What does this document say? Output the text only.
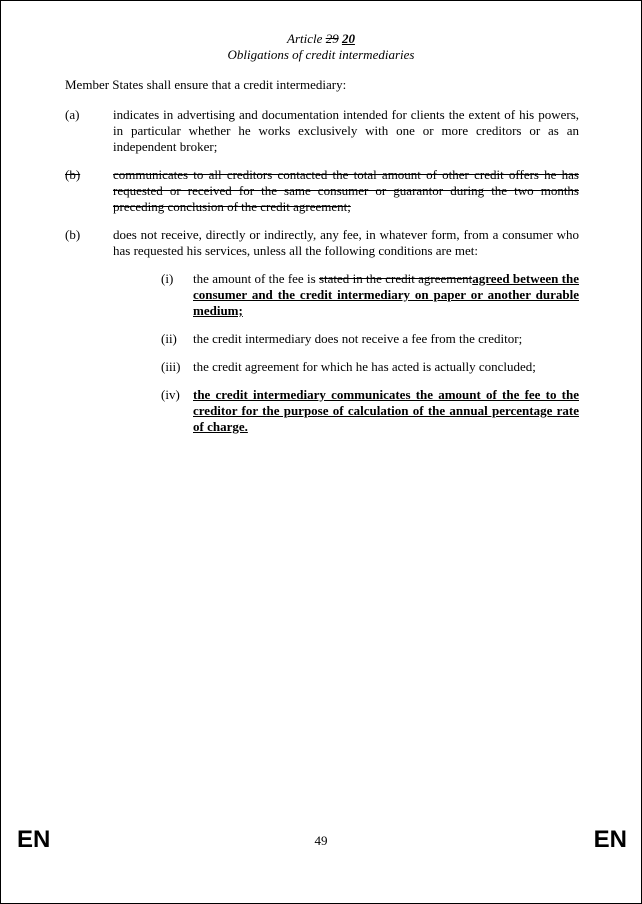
Article 29 20
Obligations of credit intermediaries

Member States shall ensure that a credit intermediary:

(a)	indicates in advertising and documentation intended for clients the extent of his powers, in particular whether he works exclusively with one or more creditors or as an independent broker;
(b)	communicates to all creditors contacted the total amount of other credit offers he has requested or received for the same consumer or guarantor during the two months preceding conclusion of the credit agreement;
(b)	does not receive, directly or indirectly, any fee, in whatever form, from a consumer who has requested his services, unless all the following conditions are met:
(i) the amount of the fee is stated in the credit agreementagreed between the consumer and the credit intermediary on paper or another durable medium;
(ii) the credit intermediary does not receive a fee from the creditor;
(iii) the credit agreement for which he has acted is actually concluded;
(iv) the credit intermediary communicates the amount of the fee to the creditor for the purpose of calculation of the annual percentage rate of charge.
EN	49	EN
